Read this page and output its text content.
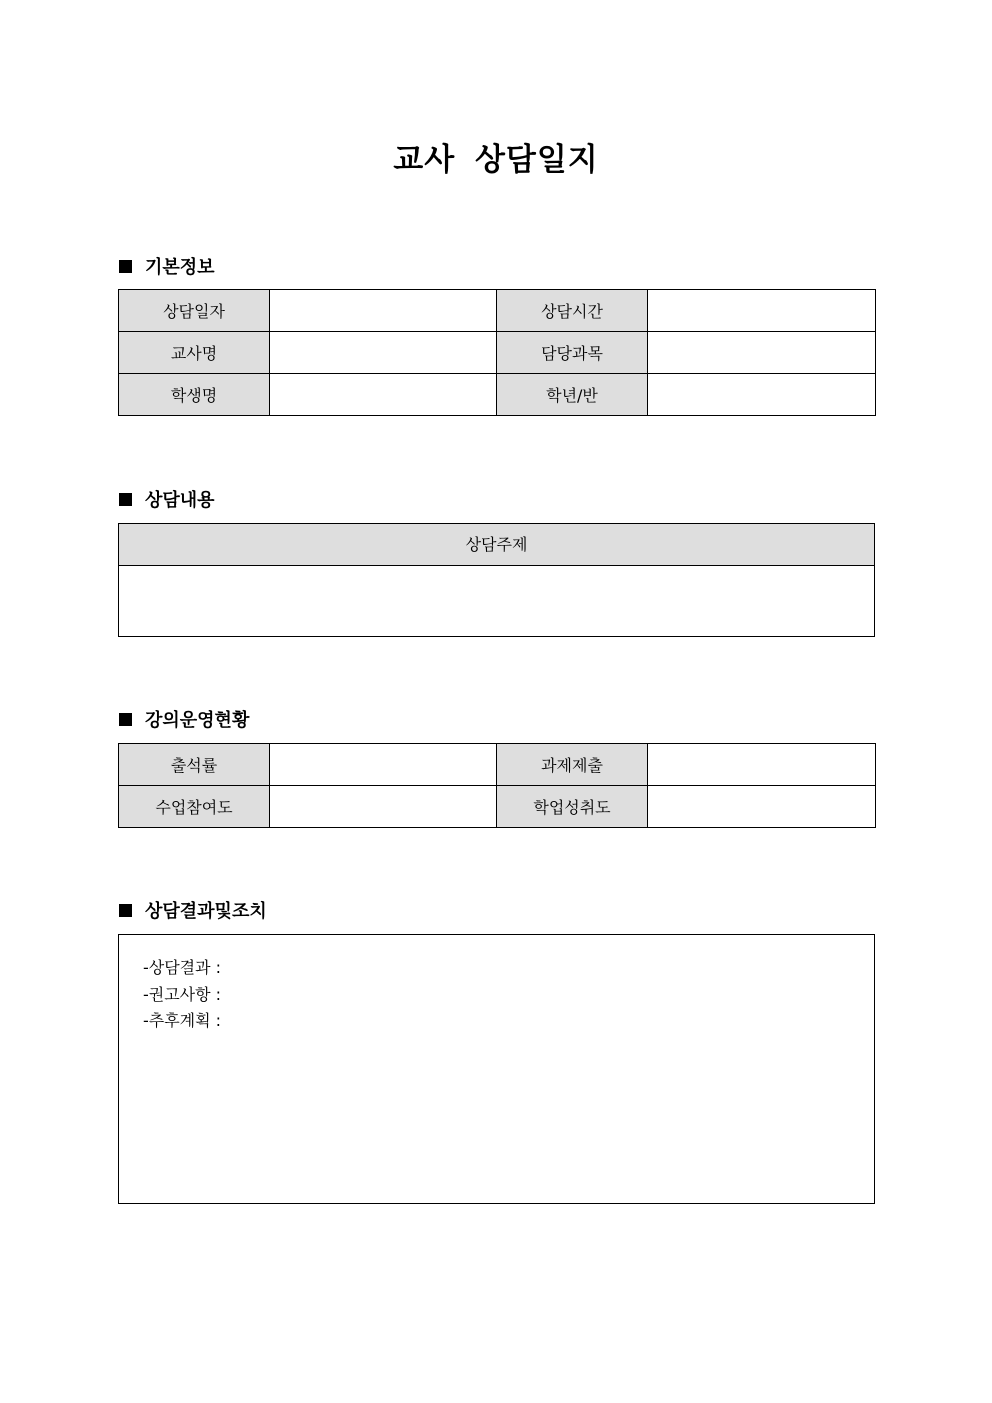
교사 상담일지
기본정보
상담일자		상담시간	
교사명		담당과목	
학생명		학년/반	
상담내용
상담주제
강의운영현황
출석률		과제제출	
수업참여도		학업성취도	
상담결과및조치
-상담결과 :
-권고사항 :
-추후계획 :
